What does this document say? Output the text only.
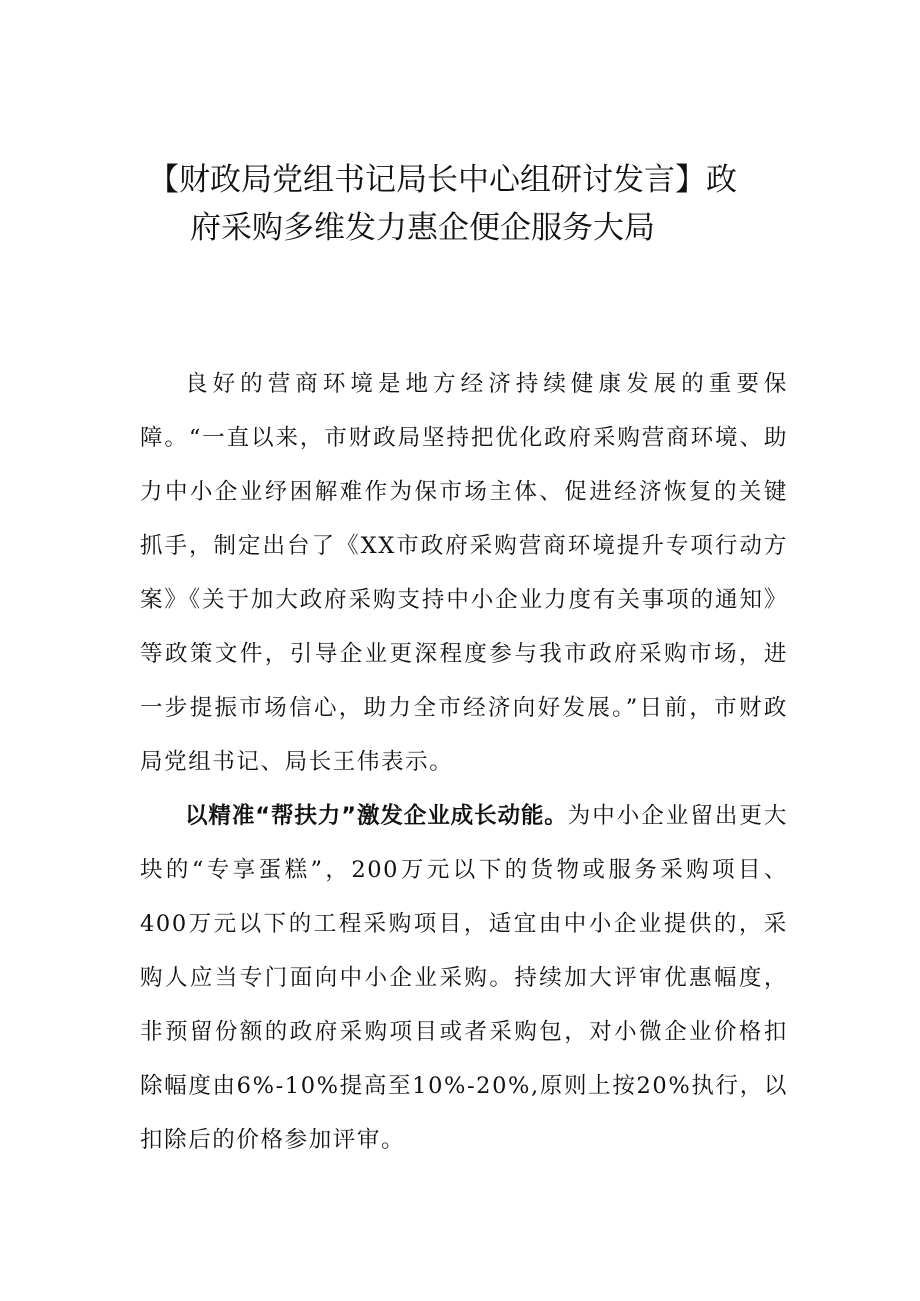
【财政局党组书记局长中心组研讨发言】政
府采购多维发力惠企便企服务大局

良好的营商环境是地方经济持续健康发展的重要保障。“一直以来，市财政局坚持把优化政府采购营商环境、助力中小企业纾困解难作为保市场主体、促进经济恢复的关键抓手，制定出台了《XX市政府采购营商环境提升专项行动方案》《关于加大政府采购支持中小企业力度有关事项的通知》等政策文件，引导企业更深程度参与我市政府采购市场，进一步提振市场信心，助力全市经济向好发展。”日前，市财政局党组书记、局长王伟表示。

以精准“帮扶力”激发企业成长动能。为中小企业留出更大块的“专享蛋糕”，200万元以下的货物或服务采购项目、400万元以下的工程采购项目，适宜由中小企业提供的，采购人应当专门面向中小企业采购。持续加大评审优惠幅度，非预留份额的政府采购项目或者采购包，对小微企业价格扣除幅度由6%-10%提高至10%-20%,原则上按20%执行，以扣除后的价格参加评审。
